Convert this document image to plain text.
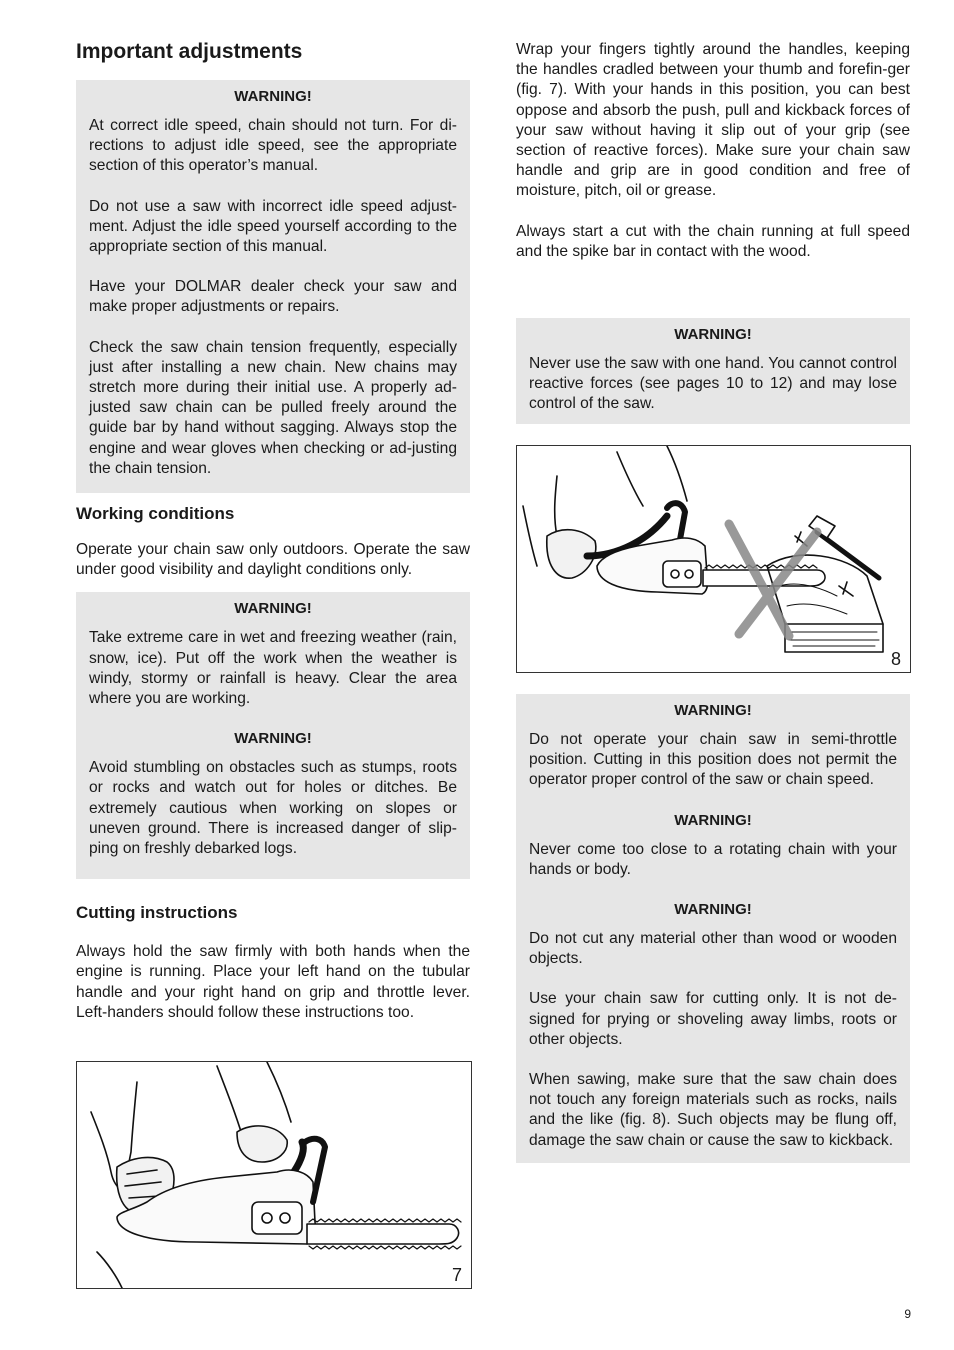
Important adjustments
WARNING!

At correct idle speed, chain should not turn. For di-rections to adjust idle speed, see the appropriate section of this operator’s manual.

Do not use a saw with incorrect idle speed adjust-ment. Adjust the idle speed yourself according to the appropriate section of this manual.

Have your DOLMAR dealer check your saw and make proper adjustments or repairs.

Check the saw chain tension frequently, especially just after installing a new chain. New chains may stretch more during their initial use. A properly ad-justed saw chain can be pulled freely around the guide bar by hand without sagging. Always stop the engine and wear gloves when checking or ad-justing the chain tension.

Working conditions

Operate your chain saw only outdoors. Operate the saw under good visibility and daylight conditions only.

WARNING!

Take extreme care in wet and freezing weather (rain, snow, ice). Put off the work when the weather is windy, stormy or rainfall is heavy. Clear the area where you are working.

WARNING!

Avoid stumbling on obstacles such as stumps, roots or rocks and watch out for holes or ditches. Be extremely cautious when working on slopes or uneven ground. There is increased danger of slip-ping on freshly debarked logs.

Cutting instructions

Always hold the saw firmly with both hands when the engine is running. Place your left hand on the tubular handle and your right hand on grip and throttle lever. Left-handers should follow these instructions too.

7

Wrap your fingers tightly around the handles, keeping the handles cradled between your thumb and forefin-ger (fig. 7). With your hands in this position, you can best oppose and absorb the push, pull and kickback forces of your saw without having it slip out of your grip (see section of reactive forces). Make sure your chain saw handle and grip are in good condition and free of moisture, pitch, oil or grease.

Always start a cut with the chain running at full speed and the spike bar in contact with the wood.

WARNING!

Never use the saw with one hand. You cannot control reactive forces (see pages 10 to 12) and may lose control of the saw.

8
WARNING!

Do not operate your chain saw in semi-throttle position. Cutting in this position does not permit the operator proper control of the saw or chain speed.

WARNING!

Never come too close to a rotating chain with your hands or body.

WARNING!

Do not cut any material other than wood or wooden objects.

Use your chain saw for cutting only. It is not de-signed for prying or shoveling away limbs, roots or other objects.

When sawing, make sure that the saw chain does not touch any foreign materials such as rocks, nails and the like (fig. 8). Such objects may be flung off, damage the saw chain or cause the saw to kickback.

9
